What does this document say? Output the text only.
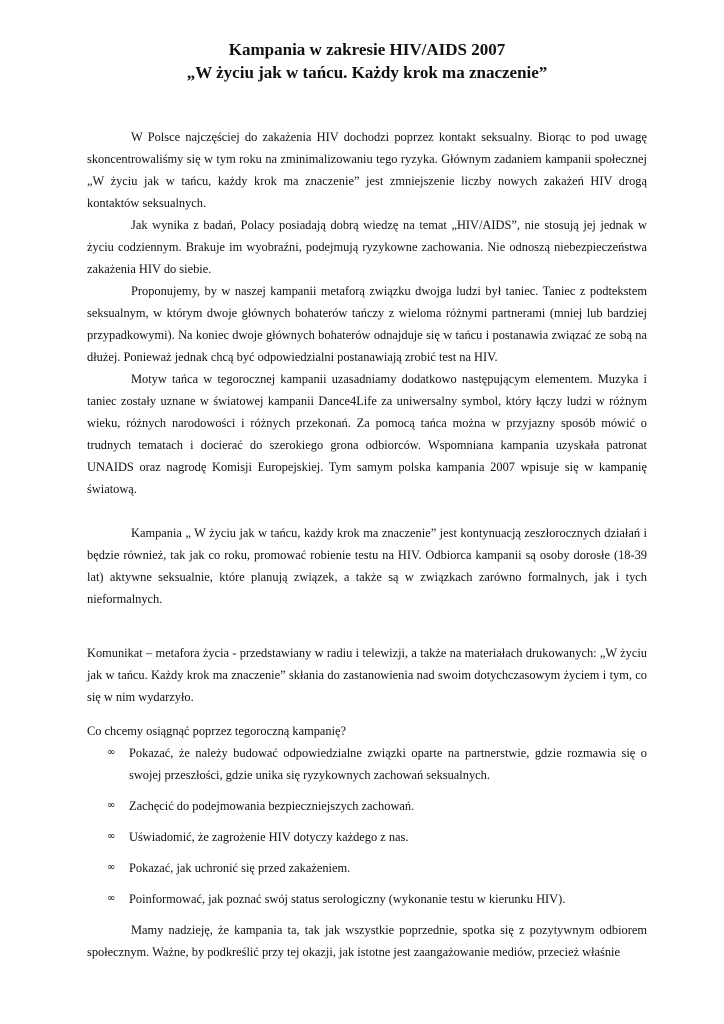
Kampania w zakresie HIV/AIDS 2007
„W życiu jak w tańcu. Każdy krok ma znaczenie”

W Polsce najczęściej do zakażenia HIV dochodzi poprzez kontakt seksualny. Biorąc to pod uwagę skoncentrowaliśmy się w tym roku na zminimalizowaniu tego ryzyka. Głównym zadaniem kampanii społecznej „W życiu jak w tańcu, każdy krok ma znaczenie” jest zmniejszenie liczby nowych zakażeń HIV drogą kontaktów seksualnych.

Jak wynika z badań, Polacy posiadają dobrą wiedzę na temat „HIV/AIDS”, nie stosują jej jednak w życiu codziennym. Brakuje im wyobraźni, podejmują ryzykowne zachowania. Nie odnoszą niebezpieczeństwa zakażenia HIV do siebie.

Proponujemy, by w naszej kampanii metaforą związku dwojga ludzi był taniec. Taniec z podtekstem seksualnym, w którym dwoje głównych bohaterów tańczy z wieloma różnymi partnerami (mniej lub bardziej przypadkowymi). Na koniec dwoje głównych bohaterów odnajduje się w tańcu i postanawia związać ze sobą na dłużej. Ponieważ jednak chcą być odpowiedzialni postanawiają zrobić test na HIV.

Motyw tańca w tegorocznej kampanii uzasadniamy dodatkowo następującym elementem. Muzyka i taniec zostały uznane w światowej kampanii Dance4Life za uniwersalny symbol, który łączy ludzi w różnym wieku, różnych narodowości i różnych przekonań. Za pomocą tańca można w przyjazny sposób mówić o trudnych tematach i docierać do szerokiego grona odbiorców. Wspomniana kampania uzyskała patronat UNAIDS oraz nagrodę Komisji Europejskiej. Tym samym polska kampania 2007 wpisuje się w kampanię światową.

Kampania „ W życiu jak w tańcu, każdy krok ma znaczenie” jest kontynuacją zeszłorocznych działań i będzie również, tak jak co roku, promować robienie testu na HIV. Odbiorca kampanii są osoby dorosłe (18-39 lat) aktywne seksualnie, które planują związek, a także są w związkach zarówno formalnych, jak i tych nieformalnych.

Komunikat – metafora życia - przedstawiany w radiu i telewizji, a także na materiałach drukowanych: „W życiu jak w tańcu. Każdy krok ma znaczenie” skłania do zastanowienia nad swoim dotychczasowym życiem i tym, co się w nim wydarzyło.

Co chcemy osiągnąć poprzez tegoroczną kampanię?

∞ Pokazać, że należy budować odpowiedzialne związki oparte na partnerstwie, gdzie rozmawia się o swojej przeszłości, gdzie unika się ryzykownych zachowań seksualnych.
∞ Zachęcić do podejmowania bezpieczniejszych zachowań.
∞ Uświadomić, że zagrożenie HIV dotyczy każdego z nas.
∞ Pokazać, jak uchronić się przed zakażeniem.
∞ Poinformować, jak poznać swój status serologiczny (wykonanie testu w kierunku HIV).

Mamy nadzieję, że kampania ta, tak jak wszystkie poprzednie, spotka się z pozytywnym odbiorem społecznym. Ważne, by podkreślić przy tej okazji, jak istotne jest zaangażowanie mediów, przecież właśnie
